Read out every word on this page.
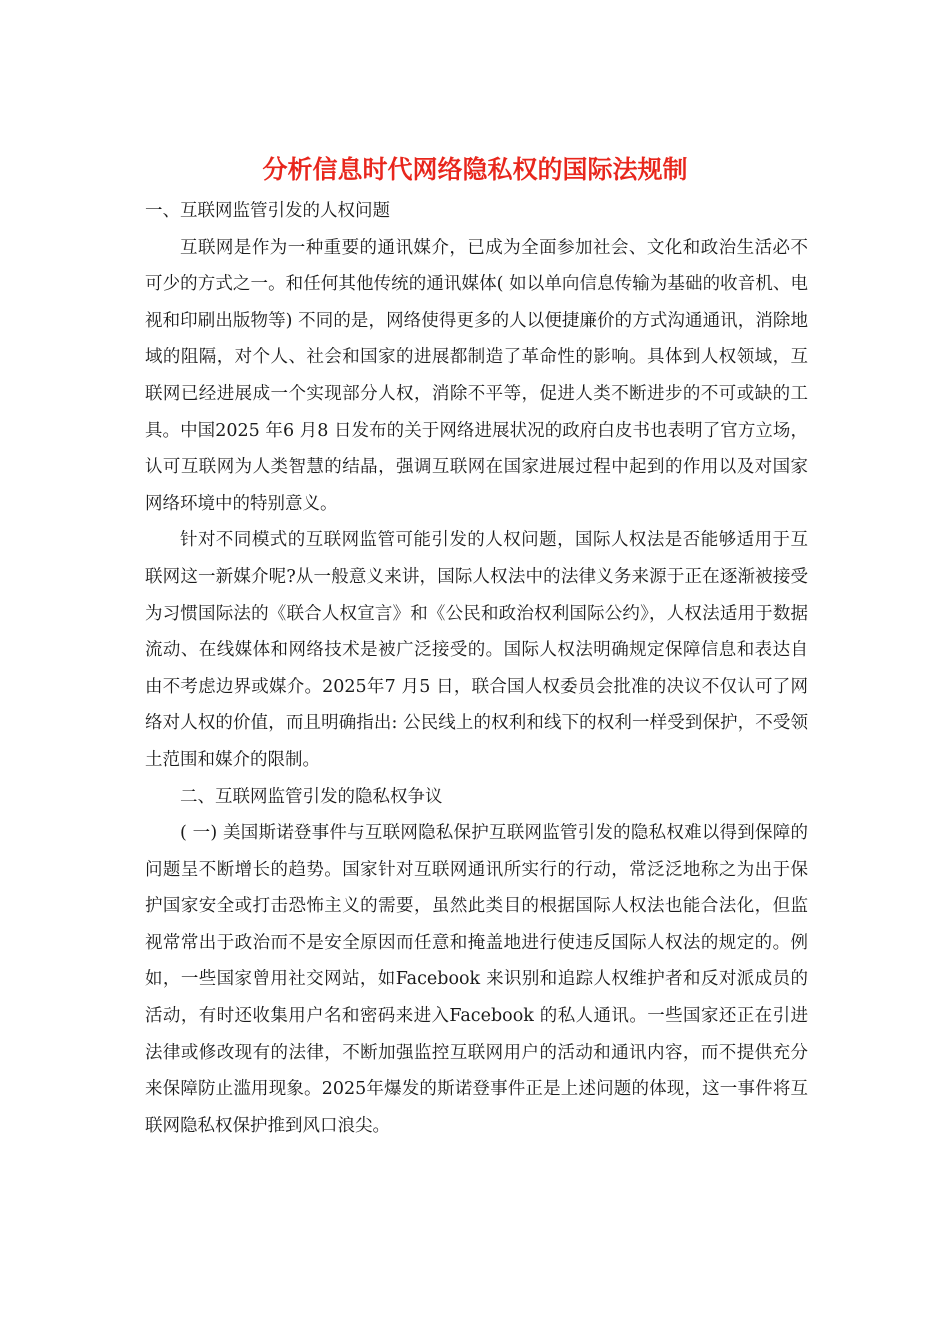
分析信息时代网络隐私权的国际法规制

一、互联网监管引发的人权问题

互联网是作为一种重要的通讯媒介，已成为全面参加社会、文化和政治生活必不可少的方式之一。和任何其他传统的通讯媒体( 如以单向信息传输为基础的收音机、电视和印刷出版物等) 不同的是，网络使得更多的人以便捷廉价的方式沟通通讯，消除地域的阻隔，对个人、社会和国家的进展都制造了革命性的影响。具体到人权领域，互联网已经进展成一个实现部分人权，消除不平等，促进人类不断进步的不可或缺的工具。中国2025 年6 月8 日发布的关于网络进展状况的政府白皮书也表明了官方立场，认可互联网为人类智慧的结晶，强调互联网在国家进展过程中起到的作用以及对国家网络环境中的特别意义。

针对不同模式的互联网监管可能引发的人权问题，国际人权法是否能够适用于互联网这一新媒介呢?从一般意义来讲，国际人权法中的法律义务来源于正在逐渐被接受为习惯国际法的《联合人权宣言》和《公民和政治权利国际公约》，人权法适用于数据流动、在线媒体和网络技术是被广泛接受的。国际人权法明确规定保障信息和表达自由不考虑边界或媒介。2025年7 月5 日，联合国人权委员会批准的决议不仅认可了网络对人权的价值，而且明确指出: 公民线上的权利和线下的权利一样受到保护，不受领土范围和媒介的限制。

二、互联网监管引发的隐私权争议

( 一) 美国斯诺登事件与互联网隐私保护互联网监管引发的隐私权难以得到保障的问题呈不断增长的趋势。国家针对互联网通讯所实行的行动，常泛泛地称之为出于保护国家安全或打击恐怖主义的需要，虽然此类目的根据国际人权法也能合法化，但监视常常出于政治而不是安全原因而任意和掩盖地进行使违反国际人权法的规定的。例如，一些国家曾用社交网站，如Facebook 来识别和追踪人权维护者和反对派成员的活动，有时还收集用户名和密码来进入Facebook 的私人通讯。一些国家还正在引进法律或修改现有的法律，不断加强监控互联网用户的活动和通讯内容，而不提供充分来保障防止滥用现象。2025年爆发的斯诺登事件正是上述问题的体现，这一事件将互联网隐私权保护推到风口浪尖。
